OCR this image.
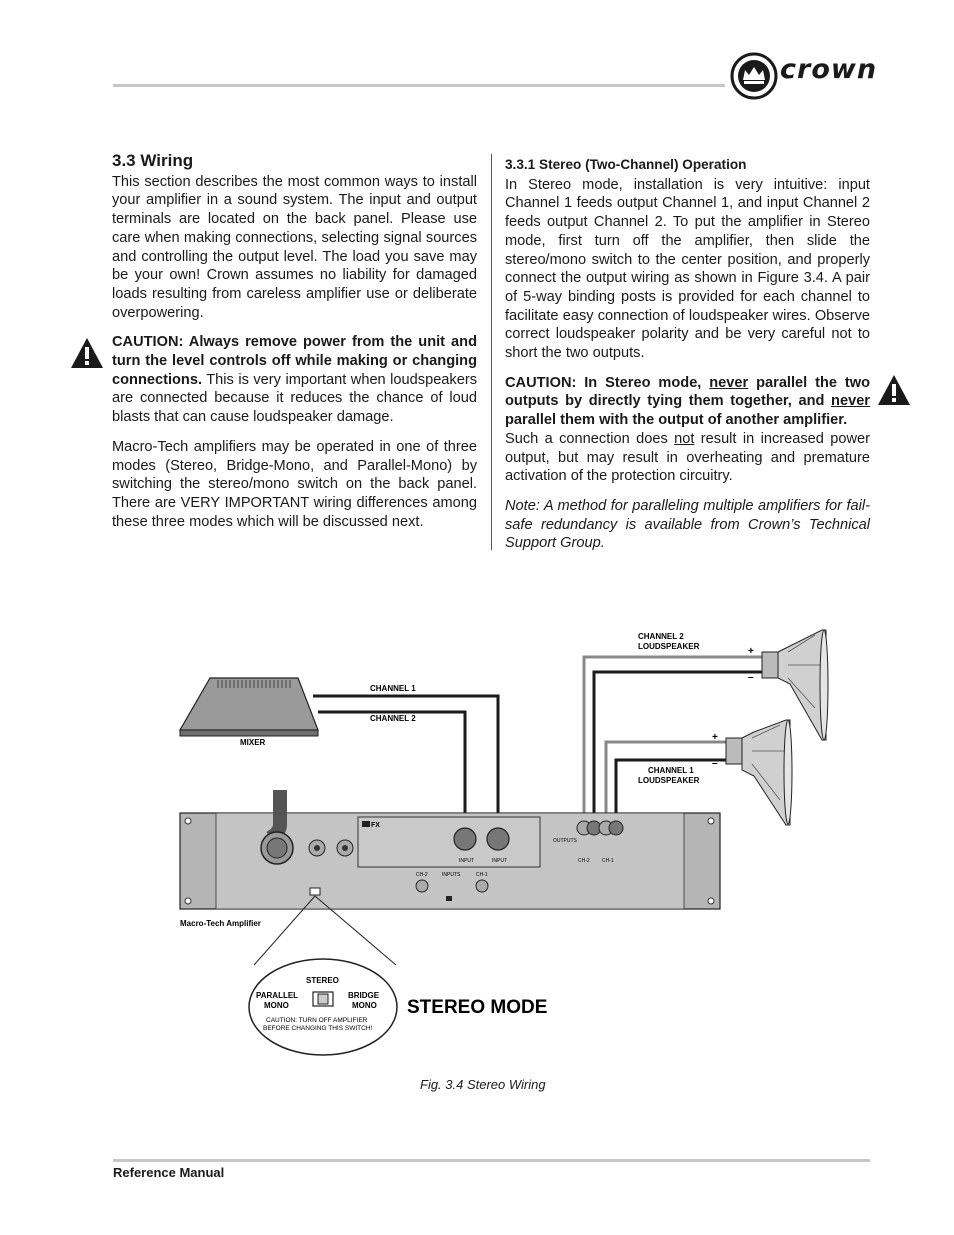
crown
3.3 Wiring

This section describes the most common ways to install your amplifier in a sound system. The input and output terminals are located on the back panel. Please use care when making connections, selecting signal sources and controlling the output level. The load you save may be your own! Crown assumes no liability for damaged loads resulting from careless amplifier use or deliberate overpowering.

CAUTION: Always remove power from the unit and turn the level controls off while making or changing connections. This is very important when loudspeakers are connected because it reduces the chance of loud blasts that can cause loudspeaker damage.

Macro-Tech amplifiers may be operated in one of three modes (Stereo, Bridge-Mono, and Parallel-Mono) by switching the stereo/mono switch on the back panel. There are VERY IMPORTANT wiring differences among these three modes which will be discussed next.

3.3.1 Stereo (Two-Channel) Operation

In Stereo mode, installation is very intuitive: input Channel 1 feeds output Channel 1, and input Channel 2 feeds output Channel 2. To put the amplifier in Stereo mode, first turn off the amplifier, then slide the stereo/mono switch to the center position, and properly connect the output wiring as shown in Figure 3.4. A pair of 5-way binding posts is provided for each channel to facilitate easy connection of loudspeaker wires. Observe correct loudspeaker polarity and be very careful not to short the two outputs.

CAUTION: In Stereo mode, never parallel the two outputs by directly tying them together, and never parallel them with the output of another amplifier.

Such a connection does not result in increased power output, but may result in overheating and premature activation of the protection circuitry.

Note: A method for paralleling multiple amplifiers for fail-safe redundancy is available from Crown’s Technical Support Group.

MIXER
CHANNEL 1
CHANNEL 2
+
–
CHANNEL 2
LOUDSPEAKER
+
–
CHANNEL 1
LOUDSPEAKER
FX
INPUT	INPUT
OUTPUTS
CH-2 CH-1
CH-2	INPUTS	CH-1
Macro-Tech Amplifier
STEREO
PARALLEL
MONO
BRIDGE
MONO
CAUTION: TURN OFF AMPLIFIER
BEFORE CHANGING THIS SWITCH!
STEREO MODE
Fig. 3.4 Stereo Wiring
Reference Manual
